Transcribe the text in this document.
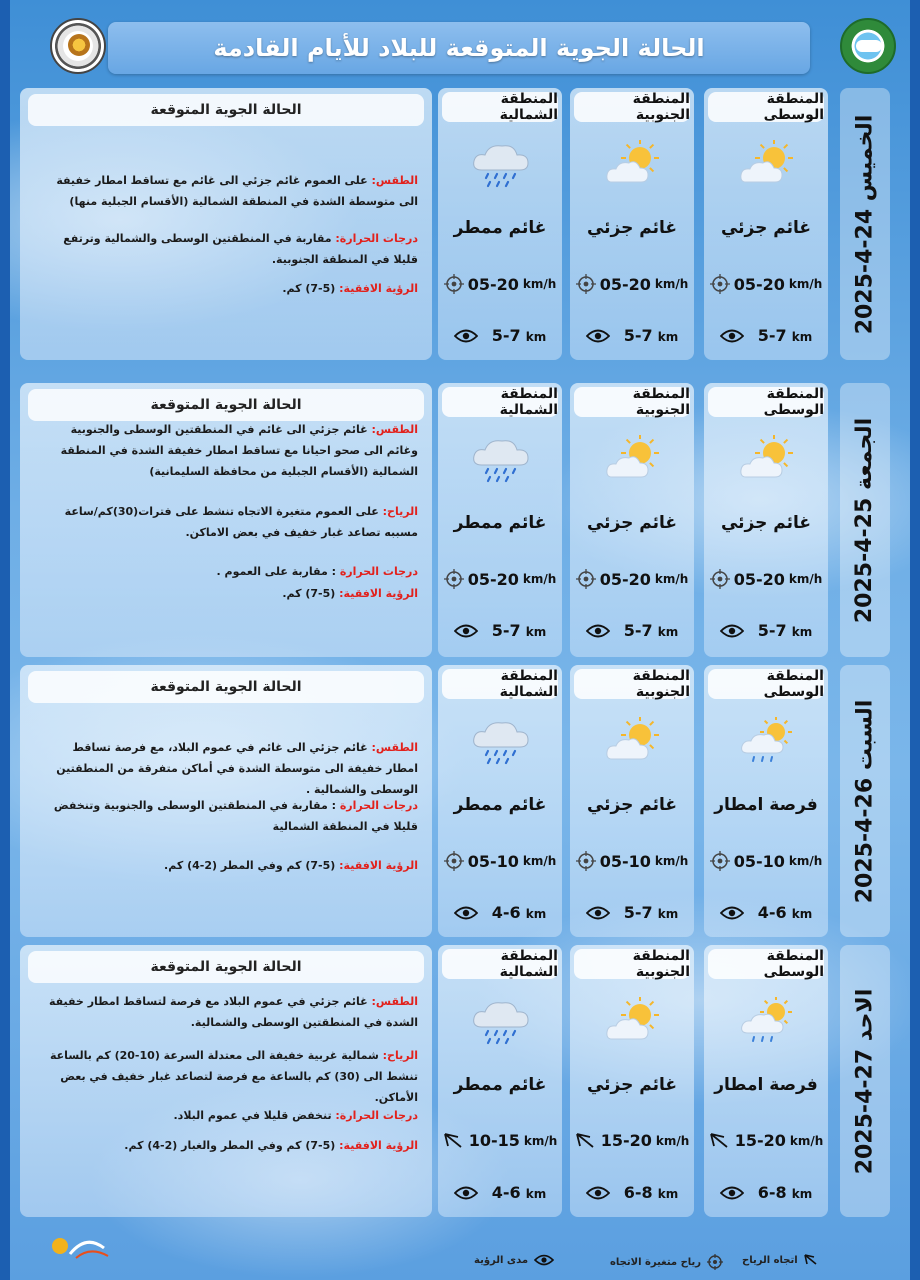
الحالة الجوية المتوقعة للبلاد للأيام القادمة
الحالة الجوية المتوقعة
الطقس: على العموم غائم جزئي الى غائم مع تساقط امطار خفيفة الى متوسطة الشدة في المنطقة الشمالية (الأقسام الجبلية منها)
درجات الحرارة: مقاربة في المنطقتين الوسطى والشمالية وترتفع قليلا في المنطقة الجنوبية.
الرؤية الافقية: (5-7) كم.
المنطقة الوسطى
غائم جزئي
05-20 km/h
5-7 km
المنطقة الجنوبية
غائم جزئي
05-20 km/h
5-7 km
المنطقة الشمالية
غائم ممطر
05-20 km/h
5-7 km
الخميس 24-4-2025
الحالة الجوية المتوقعة
الطقس: غائم جزئي الى غائم في المنطقتين الوسطى والجنوبية وغائم الى صحو احيانا مع تساقط امطار خفيفة الشدة في المنطقة الشمالية (الأقسام الجبلية من محافظة السليمانية)
الرياح: على العموم متغيرة الاتجاه تنشط على فترات(30)كم/ساعة مسببه تصاعد غبار خفيف في بعض الاماكن.
درجات الحرارة : مقاربة على العموم .
الرؤية الافقية: (5-7) كم.
المنطقة الوسطى
غائم جزئي
05-20 km/h
5-7 km
المنطقة الجنوبية
غائم جزئي
05-20 km/h
5-7 km
المنطقة الشمالية
غائم ممطر
05-20 km/h
5-7 km
الجمعة 25-4-2025
الحالة الجوية المتوقعة
الطقس: غائم جزئي الى غائم في عموم البلاد، مع فرصة تساقط امطار خفيفة الى متوسطة الشدة في أماكن متفرقة من المنطقتين الوسطى والشمالية .
درجات الحرارة : مقاربة في المنطقتين الوسطى والجنوبية وتنخفض قليلا في المنطقة الشمالية
الرؤية الافقية: (5-7) كم وفي المطر (2-4) كم.
المنطقة الوسطى
فرصة امطار
05-10 km/h
4-6 km
المنطقة الجنوبية
غائم جزئي
05-10 km/h
5-7 km
المنطقة الشمالية
غائم ممطر
05-10 km/h
4-6 km
السبت 26-4-2025
الحالة الجوية المتوقعة
الطقس: غائم جزئي في عموم البلاد مع فرصة لتساقط امطار خفيفة الشدة في المنطقتين الوسطى والشمالية.
الرياح: شمالية غربية خفيفة الى معتدلة السرعة (10-20) كم بالساعة تنشط الى (30) كم بالساعة مع فرصة لتصاعد غبار خفيف في بعض الأماكن.
درجات الحرارة: تنخفض قليلا في عموم البلاد.
الرؤية الافقية: (5-7) كم وفي المطر والغبار (2-4) كم.
المنطقة الوسطى
فرصة امطار
15-20 km/h
6-8 km
المنطقة الجنوبية
غائم جزئي
15-20 km/h
6-8 km
المنطقة الشمالية
غائم ممطر
10-15 km/h
4-6 km
الاحد 27-4-2025
اتجاه الرياح
رياح متغيرة الاتجاه
مدى الرؤية
